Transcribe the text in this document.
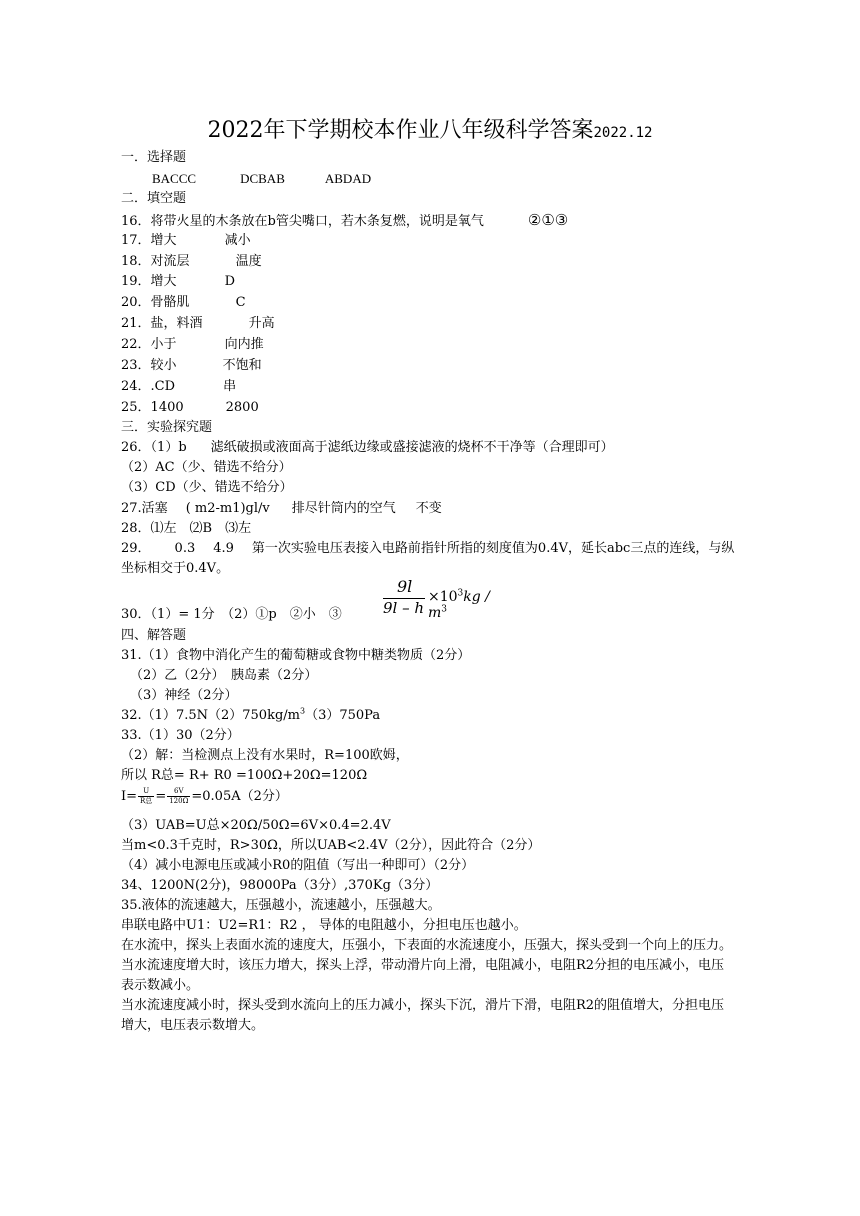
2022年下学期校本作业八年级科学答案2022.12
一．选择题
BACCC	DCBAB	ABDAD
二．填空题
16．将带火星的木条放在b管尖嘴口，若木条复燃，说明是氧气	②①③
17．增大	减小
18．对流层	温度
19．增大	D
20．骨骼肌	C
21．盐，料酒	升高
22．小于	向内推
23．较小	不饱和
24．.CD	串
25．1400	2800
三．实验探究题
26．（1）b 滤纸破损或液面高于滤纸边缘或盛接滤液的烧杯不干净等（合理即可）
（2）AC（少、错选不给分）
（3）CD（少、错选不给分）
27.活塞 ( m2-m1)gl/v 排尽针筒内的空气 不变
28．⑴左　⑵B　⑶左
29． 0.3 4.9 第一次实验电压表接入电路前指针所指的刻度值为0.4V，延长abc三点的连线，与纵坐标相交于0.4V。
30．（1）= 1分　（2）①p　②小　③
9l
9l – h
$\times 10^3kg / m^3$
四、解答题
31.（1）食物中消化产生的葡萄糖或食物中糖类物质（2分）
（2）乙（2分）　胰岛素（2分）
（3）神经（2分）
$32.(1)7.5N(2)750kg/m^3(3)750Pa$
33.（1）30（2分）
（2）解：当检测点上没有水果时，R=100欧姆，
所以 R总= R+ R0 =100Ω+20Ω=120Ω
$I= \frac{U}{\text{R总}} = \frac{6V}{120\Omega} =0.05A(2$分）
（3）UAB=U总×20Ω/50Ω=6V×0.4=2.4V
当m<0.3千克时，R>30Ω，所以UAB<2.4V（2分），因此符合（2分）
（4）减小电源电压或减小R0的阻值（写出一种即可）（2分）
34、1200N(2分)，98000Pa（3分）,370Kg（3分）
35.液体的流速越大，压强越小，流速越小，压强越大。
串联电路中U1：U2=R1：R2 ， 导体的电阻越小，分担电压也越小。
在水流中，探头上表面水流的速度大，压强小，下表面的水流速度小，压强大，探头受到一个向上的压力。当水流速度增大时，该压力增大，探头上浮，带动滑片向上滑，电阻减小，电阻R2分担的电压减小，电压表示数减小。
当水流速度减小时，探头受到水流向上的压力减小，探头下沉，滑片下滑，电阻R2的阻值增大，分担电压增大，电压表示数增大。
